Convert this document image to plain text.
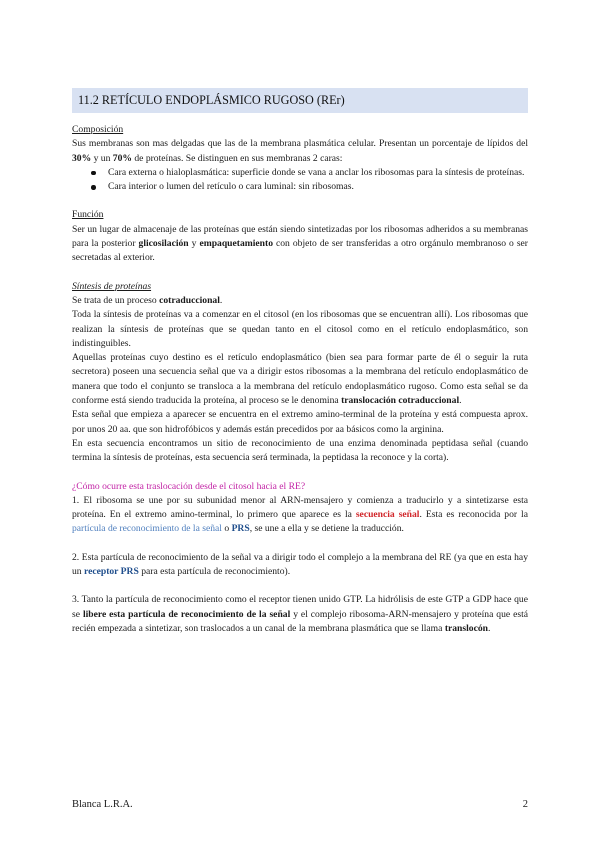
11.2 RETÍCULO ENDOPLÁSMICO RUGOSO (REr)

Composición

Sus membranas son mas delgadas que las de la membrana plasmática celular. Presentan un porcentaje de lípidos del 30% y un 70% de proteínas. Se distinguen en sus membranas 2 caras:

Cara externa o hialoplasmática: superficie donde se vana a anclar los ribosomas para la síntesis de proteínas.
Cara interior o lumen del retículo o cara luminal: sin ribosomas.

Función

Ser un lugar de almacenaje de las proteínas que están siendo sintetizadas por los ribosomas adheridos a su membranas para la posterior glicosilación y empaquetamiento con objeto de ser transferidas a otro orgánulo membranoso o ser secretadas al exterior.

Síntesis de proteínas

Se trata de un proceso cotraduccional.

Toda la síntesis de proteínas va a comenzar en el citosol (en los ribosomas que se encuentran allí). Los ribosomas que realizan la síntesis de proteínas que se quedan tanto en el citosol como en el retículo endoplasmático, son indistinguibles.

Aquellas proteínas cuyo destino es el retículo endoplasmático (bien sea para formar parte de él o seguir la ruta secretora) poseen una secuencia señal que va a dirigir estos ribosomas a la membrana del retículo endoplasmático de manera que todo el conjunto se transloca a la membrana del retículo endoplasmático rugoso. Como esta señal se da conforme está siendo traducida la proteína, al proceso se le denomina translocación cotraduccional.

Esta señal que empieza a aparecer se encuentra en el extremo amino-terminal de la proteína y está compuesta aprox. por unos 20 aa. que son hidrofóbicos y además están precedidos por aa básicos como la arginina.

En esta secuencia encontramos un sitio de reconocimiento de una enzima denominada peptidasa señal (cuando termina la síntesis de proteínas, esta secuencia será terminada, la peptidasa la reconoce y la corta).

¿Cómo ocurre esta traslocación desde el citosol hacia el RE?

1. El ribosoma se une por su subunidad menor al ARN-mensajero y comienza a traducirlo y a sintetizarse esta proteína. En el extremo amino-terminal, lo primero que aparece es la secuencia señal. Esta es reconocida por la partícula de reconocimiento de la señal o PRS, se une a ella y se detiene la traducción.

2. Esta partícula de reconocimiento de la señal va a dirigir todo el complejo a la membrana del RE (ya que en esta hay un receptor PRS para esta partícula de reconocimiento).

3. Tanto la partícula de reconocimiento como el receptor tienen unido GTP. La hidrólisis de este GTP a GDP hace que se libere esta partícula de reconocimiento de la señal y el complejo ribosoma-ARN-mensajero y proteína que está recién empezada a sintetizar, son traslocados a un canal de la membrana plasmática que se llama translocón.

Blanca L.R.A.	2
